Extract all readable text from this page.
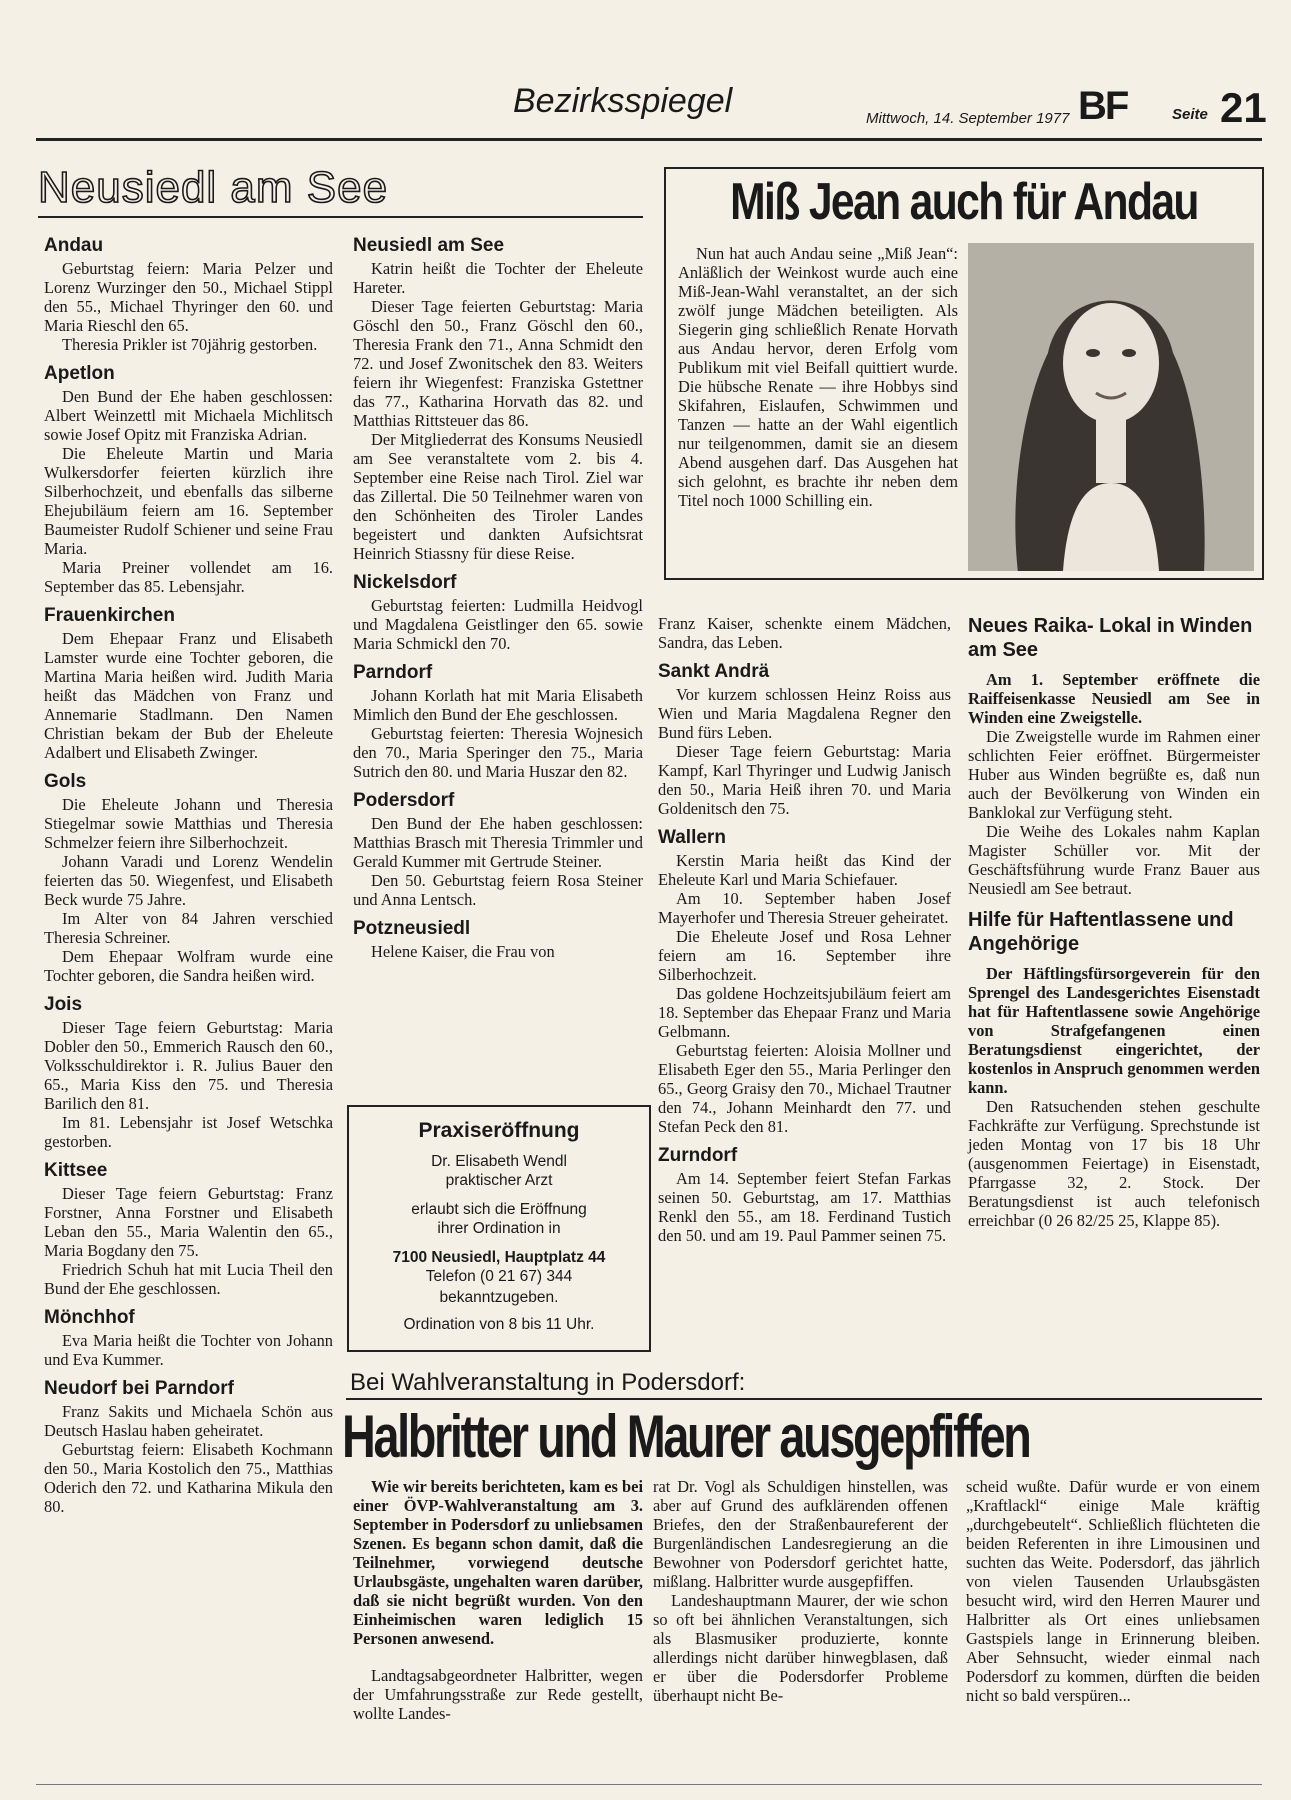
Bezirksspiegel	Mittwoch, 14. September 1977 BF	Seite 21
Neusiedl am See
Andau

Geburtstag feiern: Maria Pelzer und Lorenz Wurzinger den 50., Michael Stippl den 55., Michael Thyringer den 60. und Maria Rieschl den 65.

Theresia Prikler ist 70jährig gestorben.

Apetlon

Den Bund der Ehe haben geschlossen: Albert Weinzettl mit Michaela Michlitsch sowie Josef Opitz mit Franziska Adrian.

Die Eheleute Martin und Maria Wulkersdorfer feierten kürzlich ihre Silberhochzeit, und ebenfalls das silberne Ehejubiläum feiern am 16. September Baumeister Rudolf Schiener und seine Frau Maria.

Maria Preiner vollendet am 16. September das 85. Lebensjahr.

Frauenkirchen

Dem Ehepaar Franz und Elisabeth Lamster wurde eine Tochter geboren, die Martina Maria heißen wird. Judith Maria heißt das Mädchen von Franz und Annemarie Stadlmann. Den Namen Christian bekam der Bub der Eheleute Adalbert und Elisabeth Zwinger.

Gols

Die Eheleute Johann und Theresia Stiegelmar sowie Matthias und Theresia Schmelzer feiern ihre Silberhochzeit.

Johann Varadi und Lorenz Wendelin feierten das 50. Wiegenfest, und Elisabeth Beck wurde 75 Jahre.

Im Alter von 84 Jahren verschied Theresia Schreiner.

Dem Ehepaar Wolfram wurde eine Tochter geboren, die Sandra heißen wird.

Jois

Dieser Tage feiern Geburtstag: Maria Dobler den 50., Emmerich Rausch den 60., Volksschuldirektor i. R. Julius Bauer den 65., Maria Kiss den 75. und Theresia Barilich den 81.

Im 81. Lebensjahr ist Josef Wetschka gestorben.

Kittsee

Dieser Tage feiern Geburtstag: Franz Forstner, Anna Forstner und Elisabeth Leban den 55., Maria Walentin den 65., Maria Bogdany den 75.

Friedrich Schuh hat mit Lucia Theil den Bund der Ehe geschlossen.

Mönchhof

Eva Maria heißt die Tochter von Johann und Eva Kummer.

Neudorf bei Parndorf

Franz Sakits und Michaela Schön aus Deutsch Haslau haben geheiratet.

Geburtstag feiern: Elisabeth Kochmann den 50., Maria Kostolich den 75., Matthias Oderich den 72. und Katharina Mikula den 80.

Neusiedl am See

Katrin heißt die Tochter der Eheleute Hareter.

Dieser Tage feierten Geburtstag: Maria Göschl den 50., Franz Göschl den 60., Theresia Frank den 71., Anna Schmidt den 72. und Josef Zwonitschek den 83. Weiters feiern ihr Wiegenfest: Franziska Gstettner das 77., Katharina Horvath das 82. und Matthias Rittsteuer das 86.

Der Mitgliederrat des Konsums Neusiedl am See veranstaltete vom 2. bis 4. September eine Reise nach Tirol. Ziel war das Zillertal. Die 50 Teilnehmer waren von den Schönheiten des Tiroler Landes begeistert und dankten Aufsichtsrat Heinrich Stiassny für diese Reise.

Nickelsdorf

Geburtstag feierten: Ludmilla Heidvogl und Magdalena Geistlinger den 65. sowie Maria Schmickl den 70.

Parndorf

Johann Korlath hat mit Maria Elisabeth Mimlich den Bund der Ehe geschlossen.

Geburtstag feierten: Theresia Wojnesich den 70., Maria Speringer den 75., Maria Sutrich den 80. und Maria Huszar den 82.

Podersdorf

Den Bund der Ehe haben geschlossen: Matthias Brasch mit Theresia Trimmler und Gerald Kummer mit Gertrude Steiner.

Den 50. Geburtstag feiern Rosa Steiner und Anna Lentsch.

Potzneusiedl

Helene Kaiser, die Frau von

Miß Jean auch für Andau

Nun hat auch Andau seine „Miß Jean“: Anläßlich der Weinkost wurde auch eine Miß-Jean-Wahl veranstaltet, an der sich zwölf junge Mädchen beteiligten. Als Siegerin ging schließlich Renate Horvath aus Andau hervor, deren Erfolg vom Publikum mit viel Beifall quittiert wurde. Die hübsche Renate — ihre Hobbys sind Skifahren, Eislaufen, Schwimmen und Tanzen — hatte an der Wahl eigentlich nur teilgenommen, damit sie an diesem Abend ausgehen darf. Das Ausgehen hat sich gelohnt, es brachte ihr neben dem Titel noch 1000 Schilling ein.

Franz Kaiser, schenkte einem Mädchen, Sandra, das Leben.

Sankt Andrä

Vor kurzem schlossen Heinz Roiss aus Wien und Maria Magdalena Regner den Bund fürs Leben.

Dieser Tage feiern Geburtstag: Maria Kampf, Karl Thyringer und Ludwig Janisch den 50., Maria Heiß ihren 70. und Maria Goldenitsch den 75.

Wallern

Kerstin Maria heißt das Kind der Eheleute Karl und Maria Schiefauer.

Am 10. September haben Josef Mayerhofer und Theresia Streuer geheiratet.

Die Eheleute Josef und Rosa Lehner feiern am 16. September ihre Silberhochzeit.

Das goldene Hochzeitsjubiläum feiert am 18. September das Ehepaar Franz und Maria Gelbmann.

Geburtstag feierten: Aloisia Mollner und Elisabeth Eger den 55., Maria Perlinger den 65., Georg Graisy den 70., Michael Trautner den 74., Johann Meinhardt den 77. und Stefan Peck den 81.

Zurndorf

Am 14. September feiert Stefan Farkas seinen 50. Geburtstag, am 17. Matthias Renkl den 55., am 18. Ferdinand Tustich den 50. und am 19. Paul Pammer seinen 75.

Neues Raika- Lokal in Winden am See

Am 1. September eröffnete die Raiffeisenkasse Neusiedl am See in Winden eine Zweigstelle.

Die Zweigstelle wurde im Rahmen einer schlichten Feier eröffnet. Bürgermeister Huber aus Winden begrüßte es, daß nun auch der Bevölkerung von Winden ein Banklokal zur Verfügung steht.

Die Weihe des Lokales nahm Kaplan Magister Schüller vor. Mit der Geschäftsführung wurde Franz Bauer aus Neusiedl am See betraut.

Hilfe für Haftentlassene und Angehörige

Der Häftlingsfürsorgeverein für den Sprengel des Landesgerichtes Eisenstadt hat für Haftentlassene sowie Angehörige von Strafgefangenen einen Beratungsdienst eingerichtet, der kostenlos in Anspruch genommen werden kann.

Den Ratsuchenden stehen geschulte Fachkräfte zur Verfügung. Sprechstunde ist jeden Montag von 17 bis 18 Uhr (ausgenommen Feiertage) in Eisenstadt, Pfarrgasse 32, 2. Stock. Der Beratungsdienst ist auch telefonisch erreichbar (0 26 82/25 25, Klappe 85).

Praxiseröffnung
Dr. Elisabeth Wendl
praktischer Arzt
erlaubt sich die Eröffnung
ihrer Ordination in
7100 Neusiedl, Hauptplatz 44
Telefon (0 21 67) 344
bekanntzugeben.
Ordination von 8 bis 11 Uhr.
Bei Wahlveranstaltung in Podersdorf:
Halbritter und Maurer ausgepfiffen

Wie wir bereits berichteten, kam es bei einer ÖVP-Wahlveranstaltung am 3. September in Podersdorf zu unliebsamen Szenen. Es begann schon damit, daß die Teilnehmer, vorwiegend deutsche Urlaubsgäste, ungehalten waren darüber, daß sie nicht begrüßt wurden. Von den Einheimischen waren lediglich 15 Personen anwesend.

Landtagsabgeordneter Halbritter, wegen der Umfahrungsstraße zur Rede gestellt, wollte Landes-

rat Dr. Vogl als Schuldigen hinstellen, was aber auf Grund des aufklärenden offenen Briefes, den der Straßenbaureferent der Burgenländischen Landesregierung an die Bewohner von Podersdorf gerichtet hatte, mißlang. Halbritter wurde ausgepfiffen.

Landeshauptmann Maurer, der wie schon so oft bei ähnlichen Veranstaltungen, sich als Blasmusiker produzierte, konnte allerdings nicht darüber hinwegblasen, daß er über die Podersdorfer Probleme überhaupt nicht Be-

scheid wußte. Dafür wurde er von einem „Kraftlackl“ einige Male kräftig „durchgebeutelt“. Schließlich flüchteten die beiden Referenten in ihre Limousinen und suchten das Weite. Podersdorf, das jährlich von vielen Tausenden Urlaubsgästen besucht wird, wird den Herren Maurer und Halbritter als Ort eines unliebsamen Gastspiels lange in Erinnerung bleiben. Aber Sehnsucht, wieder einmal nach Podersdorf zu kommen, dürften die beiden nicht so bald verspüren...
